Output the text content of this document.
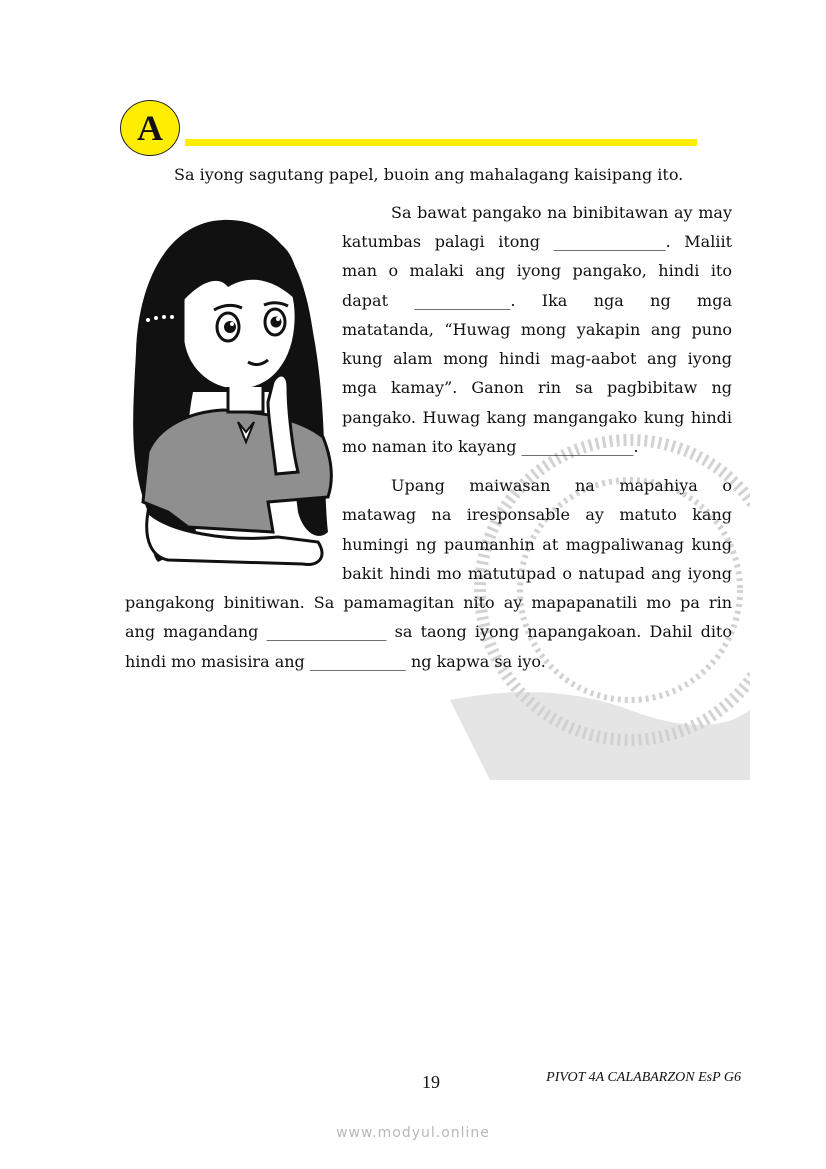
A
Sa iyong sagutang papel, buoin ang mahalagang kaisipang ito.
Sa bawat pangako na binibitawan ay may
katumbas palagi itong ______________. Maliit
man o malaki ang iyong pangako, hindi ito
dapat ____________. Ika nga ng mga
matatanda, “Huwag mong yakapin ang puno
kung alam mong hindi mag-aabot ang iyong
mga kamay”. Ganon rin sa pagbibitaw ng
pangako. Huwag kang mangangako kung hindi
mo naman ito kayang ______________.
Upang maiwasan na mapahiya o
matawag na iresponsable ay matuto kang
humingi ng paumanhin at magpaliwanag kung
bakit hindi mo matutupad o natupad ang iyong
pangakong binitiwan. Sa pamamagitan nito ay mapapanatili mo pa rin
ang magandang _______________ sa taong iyong napangakoan. Dahil dito
hindi mo masisira ang ____________ ng kapwa sa iyo.
19	PIVOT 4A CALABARZON EsP G6
www.modyul.online
